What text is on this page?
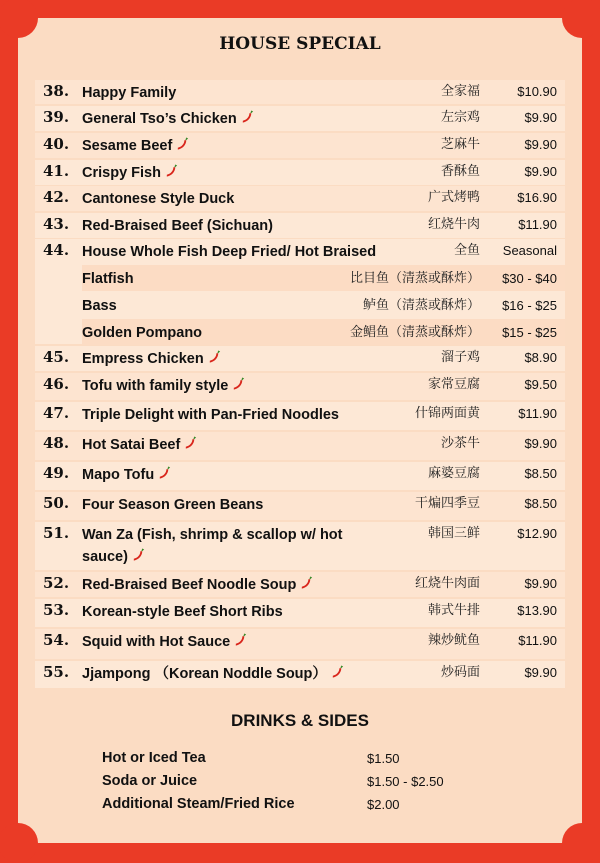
HOUSE SPECIAL
38. Happy Family	全家福	$10.90
39. General Tso’s Chicken	左宗鸡	$9.90
40. Sesame Beef	芝麻牛	$9.90
41. Crispy Fish	香酥鱼	$9.90
42. Cantonese Style Duck	广式烤鸭	$16.90
43. Red-Braised Beef (Sichuan)	红烧牛肉	$11.90
44. House Whole Fish Deep Fried/ Hot Braised	全鱼 Seasonal
Flatfish	比目鱼（清蒸或酥炸） $30 - $40
Bass	鲈鱼（清蒸或酥炸） $16 - $25
Golden Pompano	金鲳鱼（清蒸或酥炸） $15 - $25
45. Empress Chicken	溜子鸡	$8.90
46. Tofu with family style	家常豆腐	$9.50
47. Triple Delight with Pan-Fried Noodles	什锦两面黄	$11.90
48. Hot Satai Beef	沙茶牛	$9.90
49. Mapo Tofu	麻婆豆腐	$8.50
50. Four Season Green Beans	干煸四季豆	$8.50
51. Wan Za (Fish, shrimp & scallop w/ hot sauce)
韩国三鲜	$12.90
52. Red-Braised Beef Noodle Soup	红烧牛肉面	$9.90
53. Korean-style Beef Short Ribs	韩式牛排	$13.90
54. Squid with Hot Sauce	辣炒鱿鱼	$11.90
55. Jjampong （Korean Noddle Soup）	炒码面	$9.90
DRINKS & SIDES
Hot or Iced Tea	$1.50
Soda or Juice	$1.50 - $2.50
Additional Steam/Fried Rice	$2.00
